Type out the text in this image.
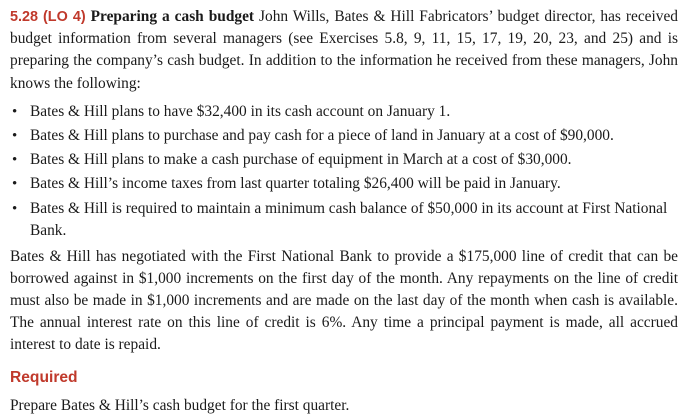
5.28 (LO 4) Preparing a cash budget John Wills, Bates & Hill Fabricators’ budget director, has received budget information from several managers (see Exercises 5.8, 9, 11, 15, 17, 19, 20, 23, and 25) and is preparing the company’s cash budget. In addition to the information he received from these managers, John knows the following:

• Bates & Hill plans to have $32,400 in its cash account on January 1.
• Bates & Hill plans to purchase and pay cash for a piece of land in January at a cost of $90,000.
• Bates & Hill plans to make a cash purchase of equipment in March at a cost of $30,000.
• Bates & Hill’s income taxes from last quarter totaling $26,400 will be paid in January.
• Bates & Hill is required to maintain a minimum cash balance of $50,000 in its account at First National Bank.

Bates & Hill has negotiated with the First National Bank to provide a $175,000 line of credit that can be borrowed against in $1,000 increments on the first day of the month. Any repayments on the line of credit must also be made in $1,000 increments and are made on the last day of the month when cash is available. The annual interest rate on this line of credit is 6%. Any time a principal payment is made, all accrued interest to date is repaid.

Required

Prepare Bates & Hill’s cash budget for the first quarter.
